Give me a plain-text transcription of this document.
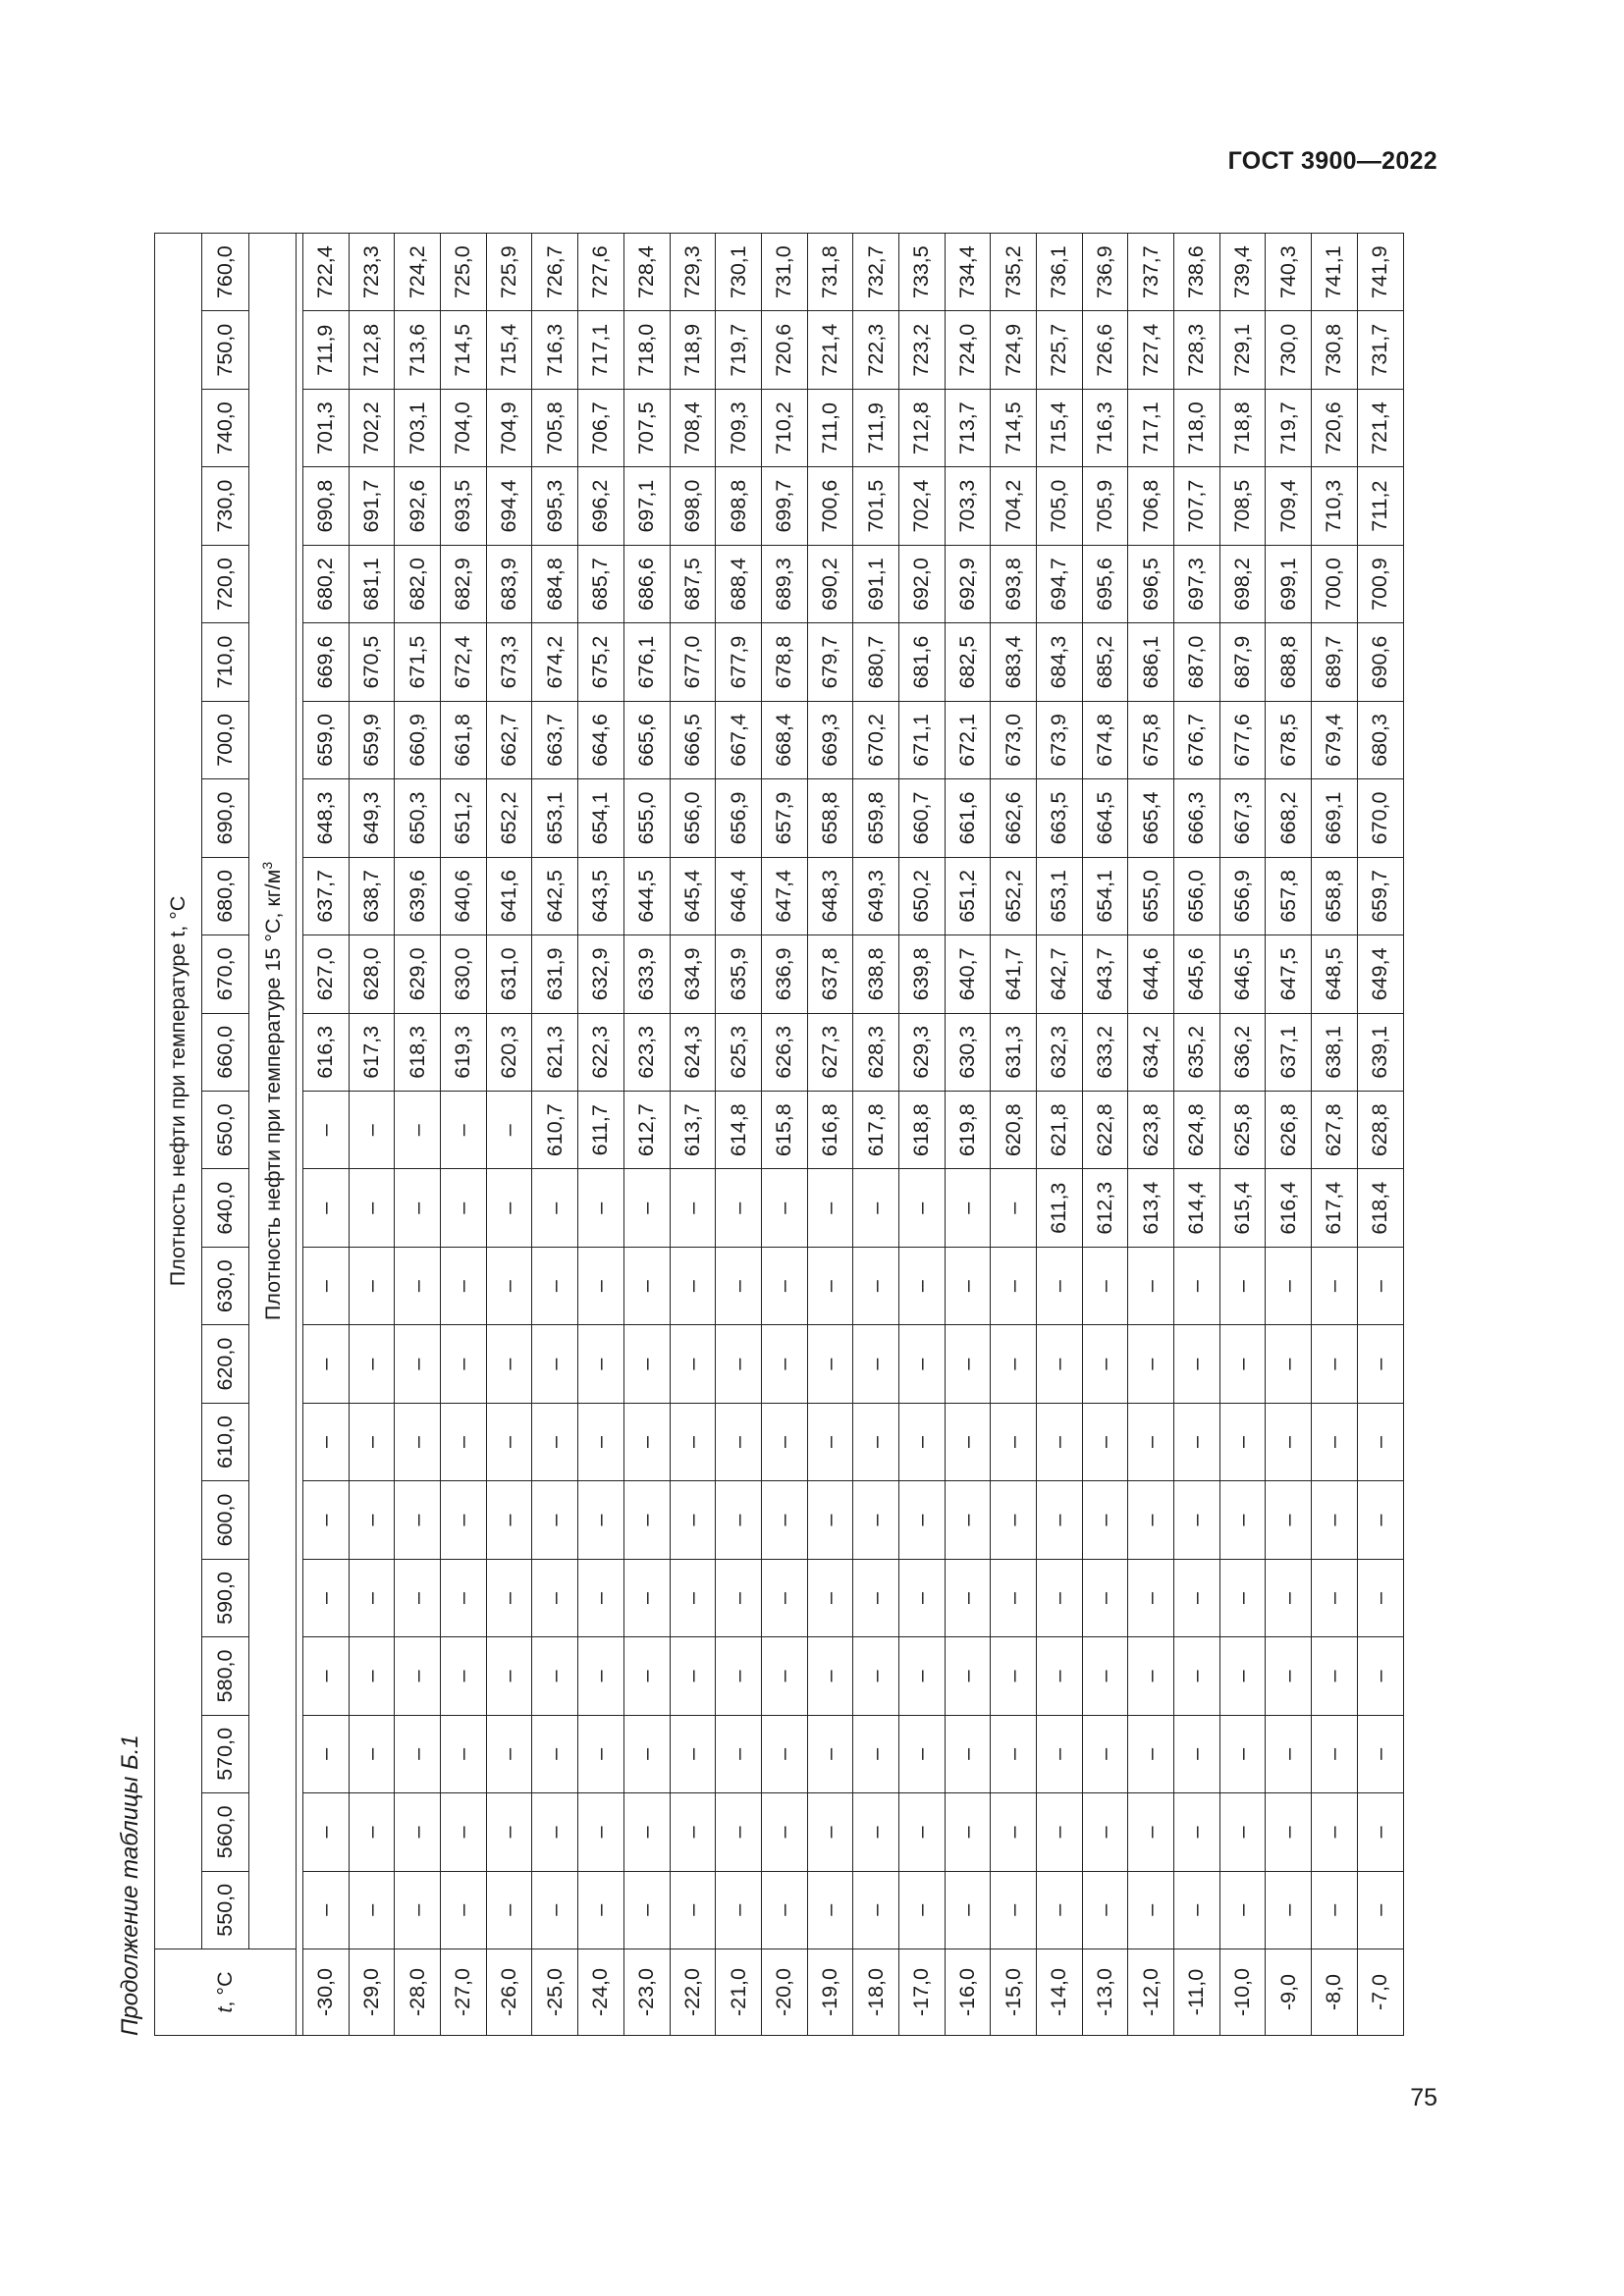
ГОСТ 3900—2022
Продолжение таблицы Б.1	t, °C	Плотность нефти при температуре t, °C																					
	550,0	560,0	570,0	580,0	590,0	600,0	610,0	620,0	630,0	640,0	650,0	660,0	670,0	680,0	690,0	700,0	710,0	720,0	730,0	740,0	750,0	760,0
	Плотность нефти при температуре 15 °С, $кг/м^3$

-30,0	–	–	–	–	–	–	–	–	–	–	–	616,3	627,0	637,7	648,3	659,0	669,6	680,2	690,8	701,3	711,9	722,4
-29,0	–	–	–	–	–	–	–	–	–	–	–	617,3	628,0	638,7	649,3	659,9	670,5	681,1	691,7	702,2	712,8	723,3
-28,0	–	–	–	–	–	–	–	–	–	–	–	618,3	629,0	639,6	650,3	660,9	671,5	682,0	692,6	703,1	713,6	724,2
-27,0	–	–	–	–	–	–	–	–	–	–	–	619,3	630,0	640,6	651,2	661,8	672,4	682,9	693,5	704,0	714,5	725,0
-26,0	–	–	–	–	–	–	–	–	–	–	–	620,3	631,0	641,6	652,2	662,7	673,3	683,9	694,4	704,9	715,4	725,9
-25,0	–	–	–	–	–	–	–	–	–	–	610,7	621,3	631,9	642,5	653,1	663,7	674,2	684,8	695,3	705,8	716,3	726,7
-24,0	–	–	–	–	–	–	–	–	–	–	611,7	622,3	632,9	643,5	654,1	664,6	675,2	685,7	696,2	706,7	717,1	727,6
-23,0	–	–	–	–	–	–	–	–	–	–	612,7	623,3	633,9	644,5	655,0	665,6	676,1	686,6	697,1	707,5	718,0	728,4
-22,0	–	–	–	–	–	–	–	–	–	–	613,7	624,3	634,9	645,4	656,0	666,5	677,0	687,5	698,0	708,4	718,9	729,3
-21,0	–	–	–	–	–	–	–	–	–	–	614,8	625,3	635,9	646,4	656,9	667,4	677,9	688,4	698,8	709,3	719,7	730,1
-20,0	–	–	–	–	–	–	–	–	–	–	615,8	626,3	636,9	647,4	657,9	668,4	678,8	689,3	699,7	710,2	720,6	731,0
-19,0	–	–	–	–	–	–	–	–	–	–	616,8	627,3	637,8	648,3	658,8	669,3	679,7	690,2	700,6	711,0	721,4	731,8
-18,0	–	–	–	–	–	–	–	–	–	–	617,8	628,3	638,8	649,3	659,8	670,2	680,7	691,1	701,5	711,9	722,3	732,7
-17,0	–	–	–	–	–	–	–	–	–	–	618,8	629,3	639,8	650,2	660,7	671,1	681,6	692,0	702,4	712,8	723,2	733,5
-16,0	–	–	–	–	–	–	–	–	–	–	619,8	630,3	640,7	651,2	661,6	672,1	682,5	692,9	703,3	713,7	724,0	734,4
-15,0	–	–	–	–	–	–	–	–	–	–	620,8	631,3	641,7	652,2	662,6	673,0	683,4	693,8	704,2	714,5	724,9	735,2
-14,0	–	–	–	–	–	–	–	–	–	611,3	621,8	632,3	642,7	653,1	663,5	673,9	684,3	694,7	705,0	715,4	725,7	736,1
-13,0	–	–	–	–	–	–	–	–	–	612,3	622,8	633,2	643,7	654,1	664,5	674,8	685,2	695,6	705,9	716,3	726,6	736,9
-12,0	–	–	–	–	–	–	–	–	–	613,4	623,8	634,2	644,6	655,0	665,4	675,8	686,1	696,5	706,8	717,1	727,4	737,7
-11,0	–	–	–	–	–	–	–	–	–	614,4	624,8	635,2	645,6	656,0	666,3	676,7	687,0	697,3	707,7	718,0	728,3	738,6
-10,0	–	–	–	–	–	–	–	–	–	615,4	625,8	636,2	646,5	656,9	667,3	677,6	687,9	698,2	708,5	718,8	729,1	739,4
-9,0	–	–	–	–	–	–	–	–	–	616,4	626,8	637,1	647,5	657,8	668,2	678,5	688,8	699,1	709,4	719,7	730,0	740,3
-8,0	–	–	–	–	–	–	–	–	–	617,4	627,8	638,1	648,5	658,8	669,1	679,4	689,7	700,0	710,3	720,6	730,8	741,1
-7,0	–	–	–	–	–	–	–	–	–	618,4	628,8	639,1	649,4	659,7	670,0	680,3	690,6	700,9	711,2	721,4	731,7	741,9
75
